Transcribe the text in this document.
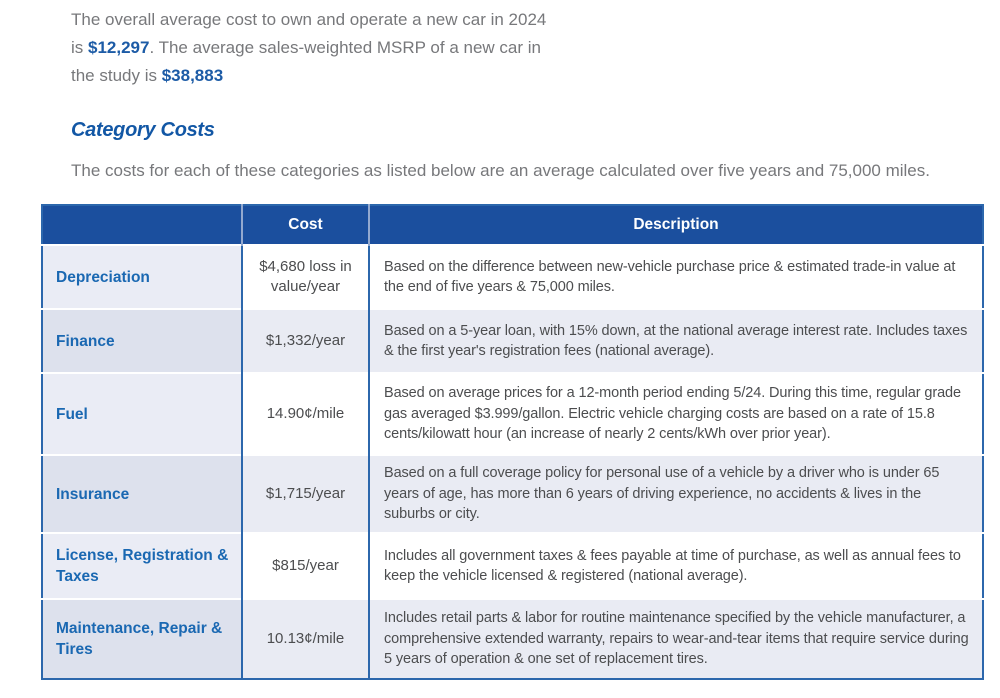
The overall average cost to own and operate a new car in 2024
is $12,297. The average sales-weighted MSRP of a new car in
the study is $38,883
Category Costs

The costs for each of these categories as listed below are an average calculated over five years and 75,000 miles.

	Cost	Description
Depreciation	$4,680 loss in value/year	Based on the difference between new-vehicle purchase price & estimated trade-in value at the end of five years & 75,000 miles.
Finance	$1,332/year	Based on a 5-year loan, with 15% down, at the national average interest rate. Includes taxes & the first year's registration fees (national average).
Fuel	14.90¢/mile	Based on average prices for a 12-month period ending 5/24. During this time, regular grade gas averaged $3.999/gallon. Electric vehicle charging costs are based on a rate of 15.8 cents/kilowatt hour (an increase of nearly 2 cents/kWh over prior year).
Insurance	$1,715/year	Based on a full coverage policy for personal use of a vehicle by a driver who is under 65 years of age, has more than 6 years of driving experience, no accidents & lives in the suburbs or city.
License, Registration & Taxes	$815/year	Includes all government taxes & fees payable at time of purchase, as well as annual fees to keep the vehicle licensed & registered (national average).
Maintenance, Repair & Tires	10.13¢/mile	Includes retail parts & labor for routine maintenance specified by the vehicle manufacturer, a comprehensive extended warranty, repairs to wear-and-tear items that require service during 5 years of operation & one set of replacement tires.
